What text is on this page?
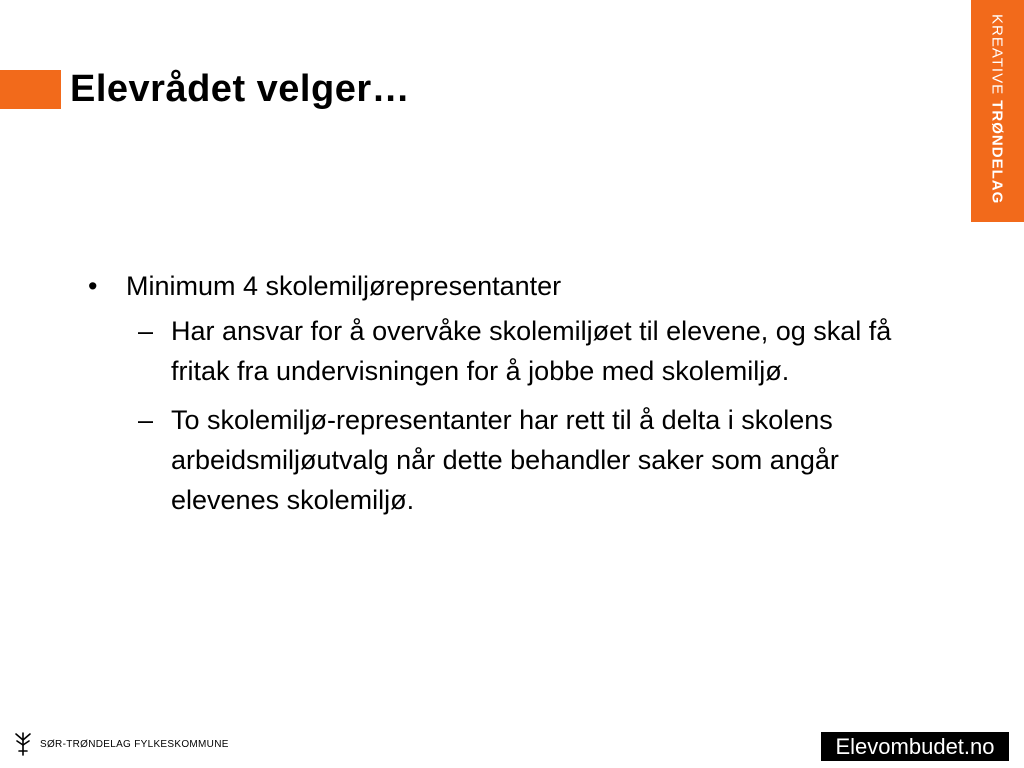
Elevrådet velger…	KREATIVE TRØNDELAG
•	Minimum 4 skolemiljørepresentanter
– Har ansvar for å overvåke skolemiljøet til elevene, og skal få fritak fra undervisningen for å jobbe med skolemiljø.
– To skolemiljø-representanter har rett til å delta i skolens arbeidsmiljøutvalg når dette behandler saker som angår elevenes skolemiljø.
SØR-TRØNDELAG FYLKESKOMMUNE	Elevombudet.no
